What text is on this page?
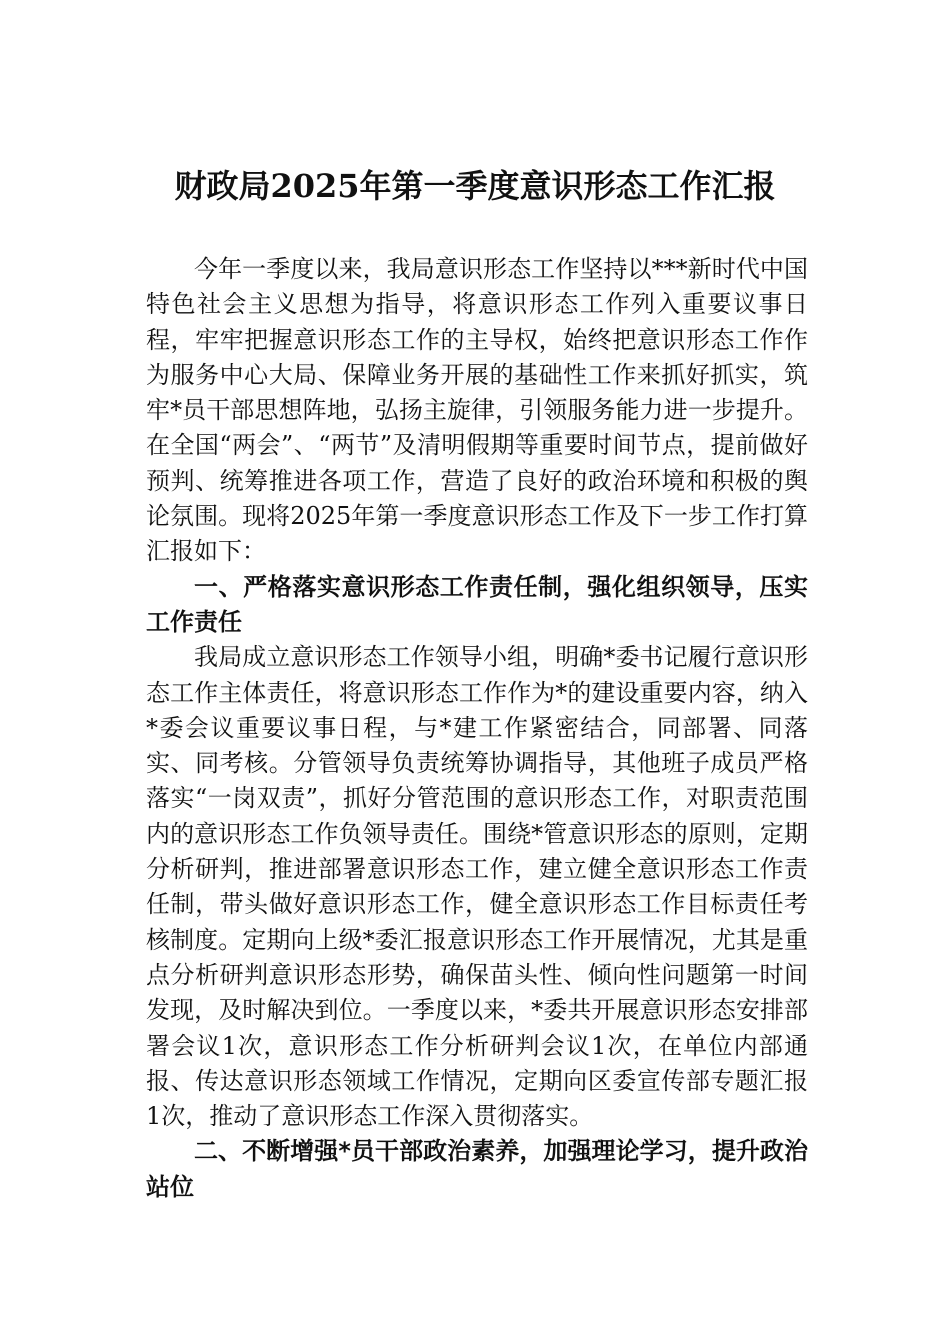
财政局2025年第一季度意识形态工作汇报

今年一季度以来，我局意识形态工作坚持以***新时代中国特色社会主义思想为指导，将意识形态工作列入重要议事日程，牢牢把握意识形态工作的主导权，始终把意识形态工作作为服务中心大局、保障业务开展的基础性工作来抓好抓实，筑牢*员干部思想阵地，弘扬主旋律，引领服务能力进一步提升。在全国“两会”、“两节”及清明假期等重要时间节点，提前做好预判、统筹推进各项工作，营造了良好的政治环境和积极的舆论氛围。现将2025年第一季度意识形态工作及下一步工作打算汇报如下：

一、严格落实意识形态工作责任制，强化组织领导，压实工作责任

我局成立意识形态工作领导小组，明确*委书记履行意识形态工作主体责任，将意识形态工作作为*的建设重要内容，纳入*委会议重要议事日程，与*建工作紧密结合，同部署、同落实、同考核。分管领导负责统筹协调指导，其他班子成员严格落实“一岗双责”，抓好分管范围的意识形态工作，对职责范围内的意识形态工作负领导责任。围绕*管意识形态的原则，定期分析研判，推进部署意识形态工作，建立健全意识形态工作责任制，带头做好意识形态工作，健全意识形态工作目标责任考核制度。定期向上级*委汇报意识形态工作开展情况，尤其是重点分析研判意识形态形势，确保苗头性、倾向性问题第一时间发现，及时解决到位。一季度以来，*委共开展意识形态安排部署会议1次，意识形态工作分析研判会议1次，在单位内部通报、传达意识形态领域工作情况，定期向区委宣传部专题汇报1次，推动了意识形态工作深入贯彻落实。

二、不断增强*员干部政治素养，加强理论学习，提升政治站位
